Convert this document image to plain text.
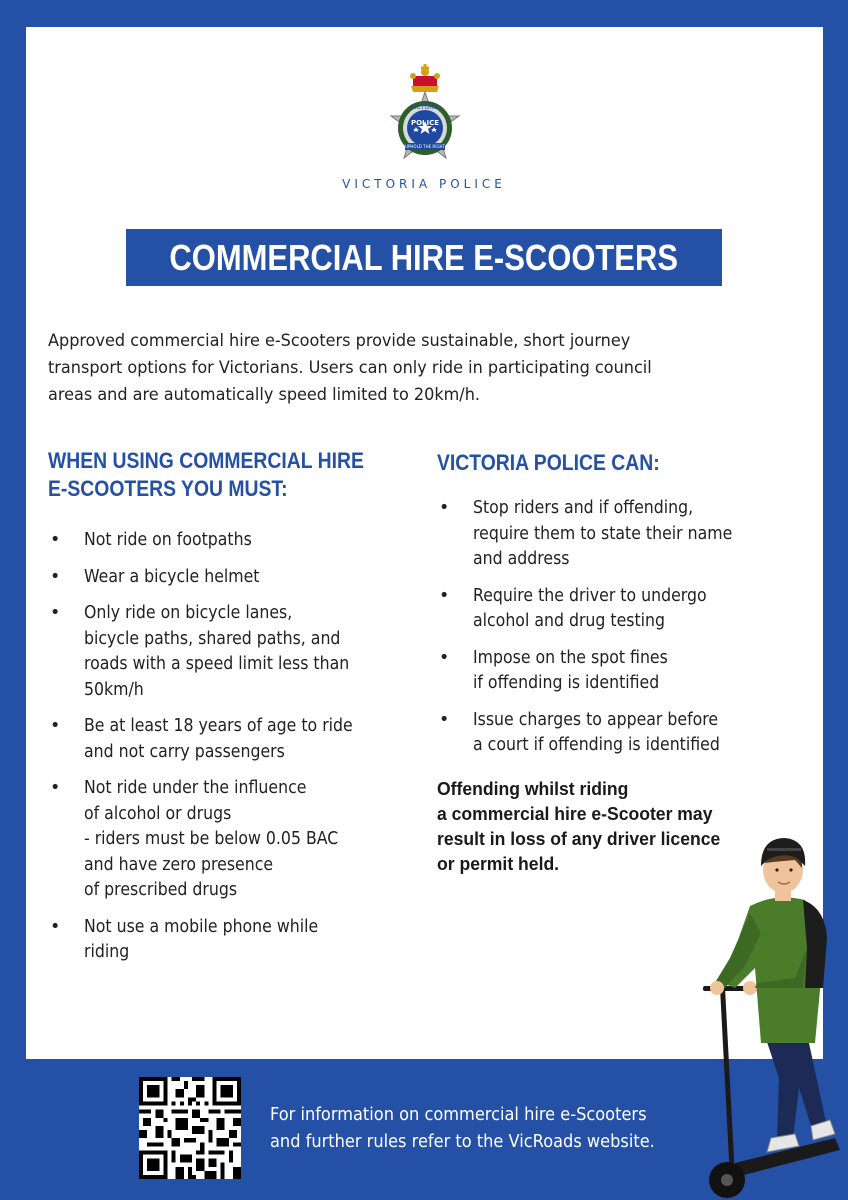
VICTORIA
POLICE
UPHOLD THE RIGHT
VICTORIA POLICE
COMMERCIAL HIRE E-SCOOTERS
Approved commercial hire e-Scooters provide sustainable, short journey
transport options for Victorians. Users can only ride in participating council
areas and are automatically speed limited to 20km/h.
WHEN USING COMMERCIAL HIRE
E-SCOOTERS YOU MUST:
• Not ride on footpaths
• Wear a bicycle helmet
• Only ride on bicycle lanes,
bicycle paths, shared paths, and
roads with a speed limit less than
50km/h
• Be at least 18 years of age to ride
and not carry passengers
• Not ride under the influence
of alcohol or drugs
- riders must be below 0.05 BAC
and have zero presence
of prescribed drugs
• Not use a mobile phone while
riding
VICTORIA POLICE CAN:
• Stop riders and if offending,
require them to state their name
and address
• Require the driver to undergo
alcohol and drug testing
• Impose on the spot fines
if offending is identified
• Issue charges to appear before
a court if offending is identified
Offending whilst riding
a commercial hire e-Scooter may
result in loss of any driver licence
or permit held.
For information on commercial hire e-Scooters
and further rules refer to the VicRoads website.
